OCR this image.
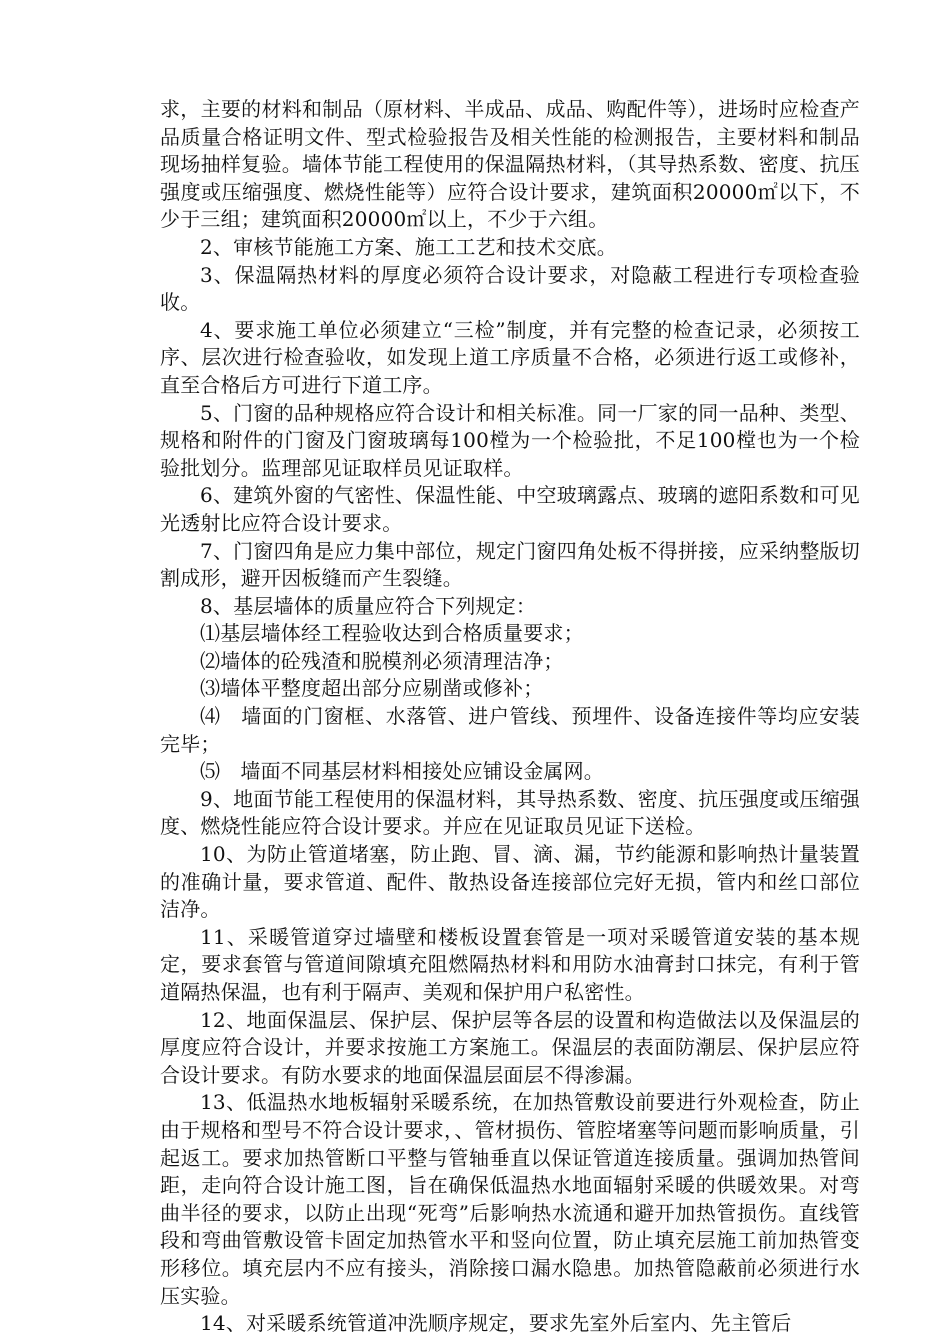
求，主要的材料和制品（原材料、半成品、成品、购配件等），进场时应检查产品质量合格证明文件、型式检验报告及相关性能的检测报告，主要材料和制品现场抽样复验。墙体节能工程使用的保温隔热材料，（其导热系数、密度、抗压强度或压缩强度、燃烧性能等）应符合设计要求，建筑面积20000㎡以下，不少于三组；建筑面积20000㎡以上，不少于六组。

2、审核节能施工方案、施工工艺和技术交底。

3、保温隔热材料的厚度必须符合设计要求，对隐蔽工程进行专项检查验收。

4、要求施工单位必须建立“三检”制度，并有完整的检查记录，必须按工序、层次进行检查验收，如发现上道工序质量不合格，必须进行返工或修补，直至合格后方可进行下道工序。

5、门窗的品种规格应符合设计和相关标准。同一厂家的同一品种、类型、规格和附件的门窗及门窗玻璃每100樘为一个检验批，不足100樘也为一个检验批划分。监理部见证取样员见证取样。

6、建筑外窗的气密性、保温性能、中空玻璃露点、玻璃的遮阳系数和可见光透射比应符合设计要求。

7、门窗四角是应力集中部位，规定门窗四角处板不得拼接，应采纳整版切割成形，避开因板缝而产生裂缝。

8、基层墙体的质量应符合下列规定：

⑴基层墙体经工程验收达到合格质量要求；

⑵墙体的砼残渣和脱模剂必须清理洁净；

⑶墙体平整度超出部分应剔凿或修补；

⑷　墙面的门窗框、水落管、进户管线、预埋件、设备连接件等均应安装完毕；

⑸　墙面不同基层材料相接处应铺设金属网。

9、地面节能工程使用的保温材料，其导热系数、密度、抗压强度或压缩强度、燃烧性能应符合设计要求。并应在见证取员见证下送检。

10、为防止管道堵塞，防止跑、冒、滴、漏，节约能源和影响热计量装置的准确计量，要求管道、配件、散热设备连接部位完好无损，管内和丝口部位洁净。

11、采暖管道穿过墙壁和楼板设置套管是一项对采暖管道安装的基本规定，要求套管与管道间隙填充阻燃隔热材料和用防水油膏封口抹完，有利于管道隔热保温，也有利于隔声、美观和保护用户私密性。

12、地面保温层、保护层、保护层等各层的设置和构造做法以及保温层的厚度应符合设计，并要求按施工方案施工。保温层的表面防潮层、保护层应符合设计要求。有防水要求的地面保温层面层不得渗漏。

13、低温热水地板辐射采暖系统，在加热管敷设前要进行外观检查，防止由于规格和型号不符合设计要求，、管材损伤、管腔堵塞等问题而影响质量，引起返工。要求加热管断口平整与管轴垂直以保证管道连接质量。强调加热管间距，走向符合设计施工图，旨在确保低温热水地面辐射采暖的供暖效果。对弯曲半径的要求，以防止出现“死弯”后影响热水流通和避开加热管损伤。直线管段和弯曲管敷设管卡固定加热管水平和竖向位置，防止填充层施工前加热管变形移位。填充层内不应有接头，消除接口漏水隐患。加热管隐蔽前必须进行水压实验。

14、对采暖系统管道冲洗顺序规定，要求先室外后室内、先主管后
